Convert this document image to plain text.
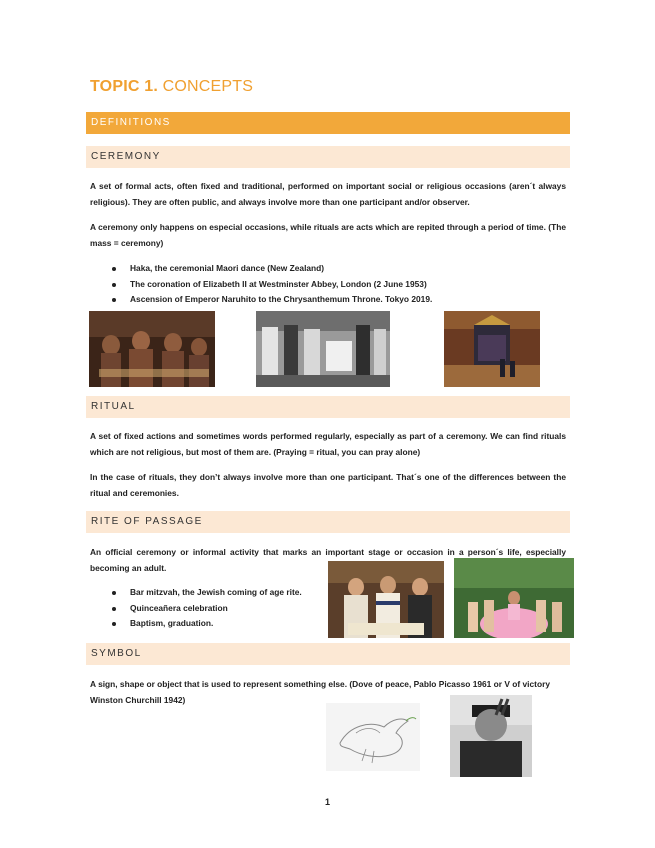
TOPIC 1. CONCEPTS
DEFINITIONS
CEREMONY

A set of formal acts, often fixed and traditional, performed on important social or religious occasions (aren´t always religious). They are often public, and always involve more than one participant and/or observer.

A ceremony only happens on especial occasions, while rituals are acts which are repited through a period of time. (The mass = ceremony)

Haka, the ceremonial Maori dance (New Zealand)
The coronation of Elizabeth II at Westminster Abbey, London (2 June 1953)
Ascension of Emperor Naruhito to the Chrysanthemum Throne. Tokyo 2019.
RITUAL

A set of fixed actions and sometimes words performed regularly, especially as part of a ceremony. We can find rituals which are not religious, but most of them are. (Praying = ritual, you can pray alone)

In the case of rituals, they don’t always involve more than one participant. That´s one of the differences between the ritual and ceremonies.

RITE OF PASSAGE

An official ceremony or informal activity that marks an important stage or occasion in a person´s life, especially becoming an adult.

Bar mitzvah, the Jewish coming of age rite.
Quinceañera celebration
Baptism, graduation.
SYMBOL

A sign, shape or object that is used to represent something else. (Dove of peace, Pablo Picasso 1961 or V of victory Winston Churchill 1942)

1
